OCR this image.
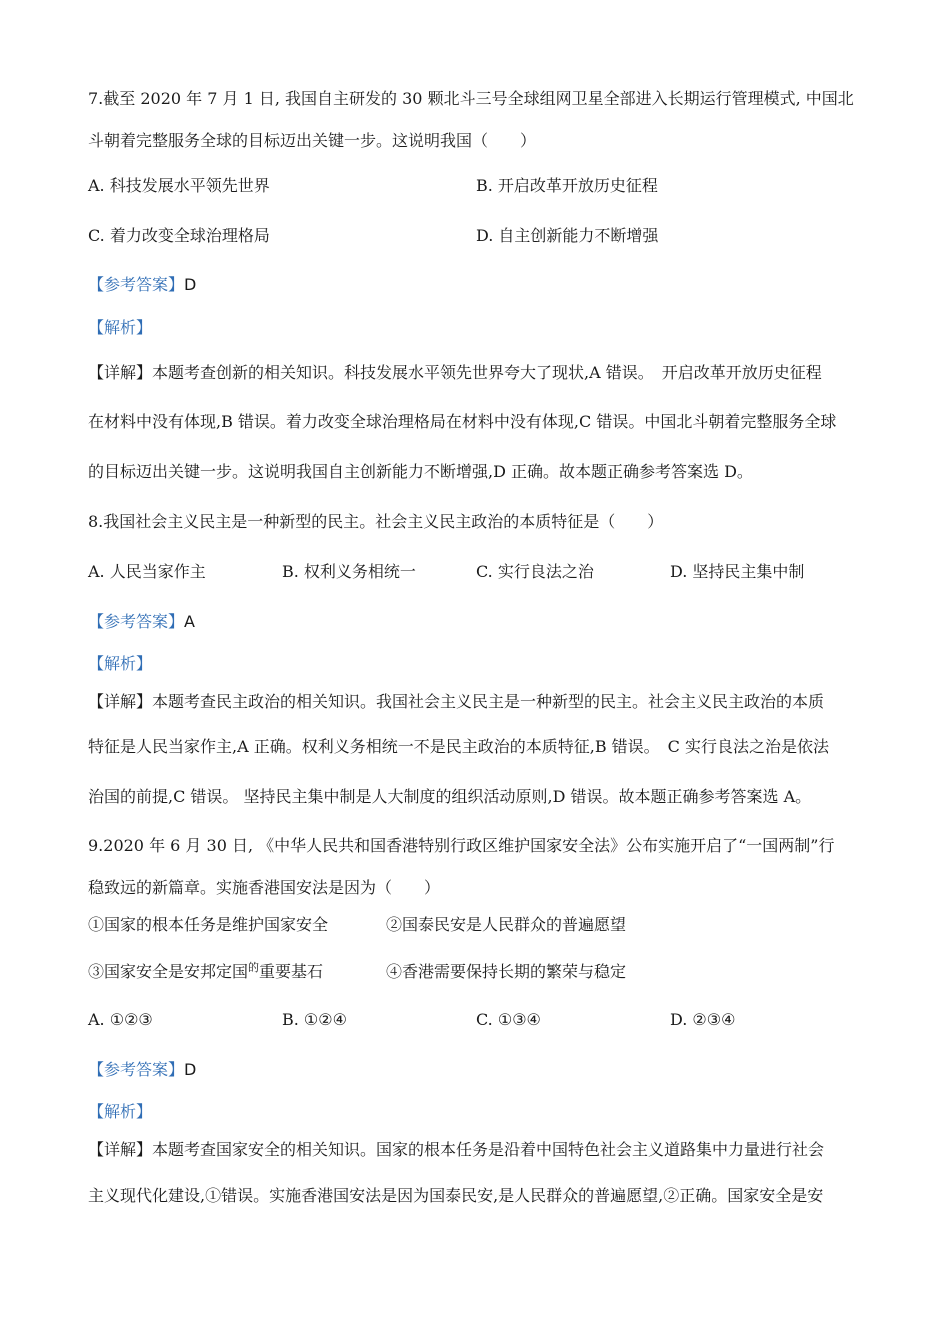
7.截至 2020 年 7 月 1 日, 我国自主研发的 30 颗北斗三号全球组网卫星全部进入长期运行管理模式, 中国北
斗朝着完整服务全球的目标迈出关键一步。这说明我国（　　）
A. 科技发展水平领先世界	B. 开启改革开放历史征程
C. 着力改变全球治理格局	D. 自主创新能力不断增强
【参考答案】D
【解析】
【详解】本题考查创新的相关知识。科技发展水平领先世界夸大了现状,A 错误。　开启改革开放历史征程
在材料中没有体现,B 错误。着力改变全球治理格局在材料中没有体现,C 错误。中国北斗朝着完整服务全球
的目标迈出关键一步。这说明我国自主创新能力不断增强,D 正确。故本题正确参考答案选 D。
8.我国社会主义民主是一种新型的民主。社会主义民主政治的本质特征是（　　）
A. 人民当家作主	B. 权利义务相统一	C. 实行良法之治	D. 坚持民主集中制
【参考答案】A
【解析】
【详解】本题考查民主政治的相关知识。我国社会主义民主是一种新型的民主。社会主义民主政治的本质
特征是人民当家作主,A 正确。权利义务相统一不是民主政治的本质特征,B 错误。　C 实行良法之治是依法
治国的前提,C 错误。 坚持民主集中制是人大制度的组织活动原则,D 错误。故本题正确参考答案选 A。
9.2020 年 6 月 30 日, 《中华人民共和国香港特别行政区维护国家安全法》公布实施开启了“一国两制”行
稳致远的新篇章。实施香港国安法是因为（　　）
①国家的根本任务是维护国家安全	②国泰民安是人民群众的普遍愿望
③国家安全是安邦定国$^的$重要基石	④香港需要保持长期的繁荣与稳定
A. ①②③	B. ①②④	C. ①③④	D. ②③④
【参考答案】D
【解析】
【详解】本题考查国家安全的相关知识。国家的根本任务是沿着中国特色社会主义道路集中力量进行社会
主义现代化建设,①错误。实施香港国安法是因为国泰民安,是人民群众的普遍愿望,②正确。国家安全是安
